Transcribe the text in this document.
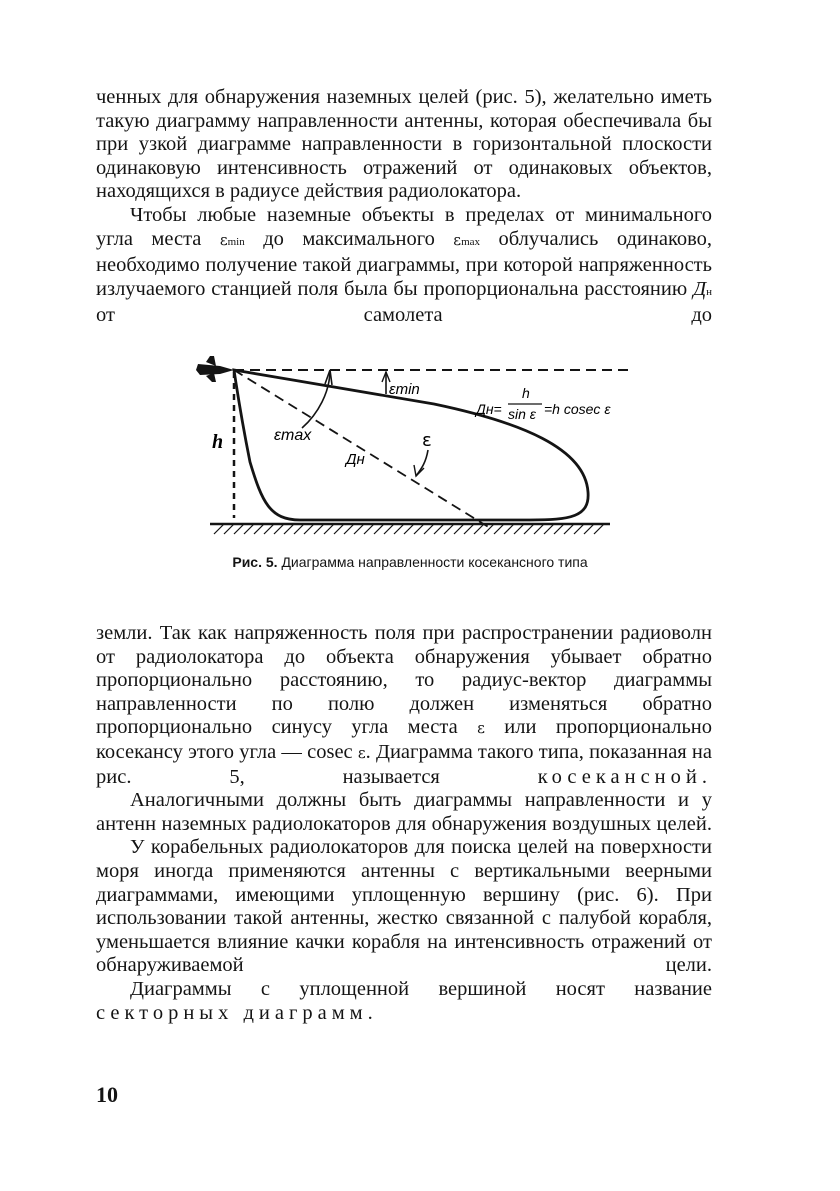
ченных для обнаружения наземных целей (рис. 5), желательно иметь такую диаграмму направленности антенны, которая обеспечивала бы при узкой диаграмме направленности в горизонтальной плоскости одинаковую интенсивность отражений от одинаковых объектов, находящихся в радиусе действия радиолокатора.

Чтобы любые наземные объекты в пределах от минимального угла места εmin до максимального εmax облучались одинаково, необходимо получение такой диаграммы, при которой напряженность излучаемого станцией поля была бы пропорциональна расстоянию Дн от самолета до

εmin
εmax	ε
Дн
h
Дн=
h
sin ε =h cosec ε
Рис. 5. Диаграмма направленности косекансного типа

земли. Так как напряженность поля при распространении радиоволн от радиолокатора до объекта обнаружения убывает обратно пропорционально расстоянию, то радиус-вектор диаграммы направленности по полю должен изменяться обратно пропорционально синусу угла места ε или пропорционально косекансу этого угла — cosec ε. Диаграмма такого типа, показанная на рис. 5, называется	косекансной.

Аналогичными должны быть диаграммы направленности и у антенн наземных радиолокаторов для обнаружения воздушных целей.

У корабельных радиолокаторов для поиска целей на поверхности моря иногда применяются антенны с вертикальными веерными диаграммами, имеющими уплощенную вершину (рис. 6). При использовании такой антенны, жестко связанной с палубой корабля, уменьшается влияние качки корабля на интенсивность отражений от обнаруживаемой цели.

Диаграммы с уплощенной вершиной носят название секторных диаграмм.

10
